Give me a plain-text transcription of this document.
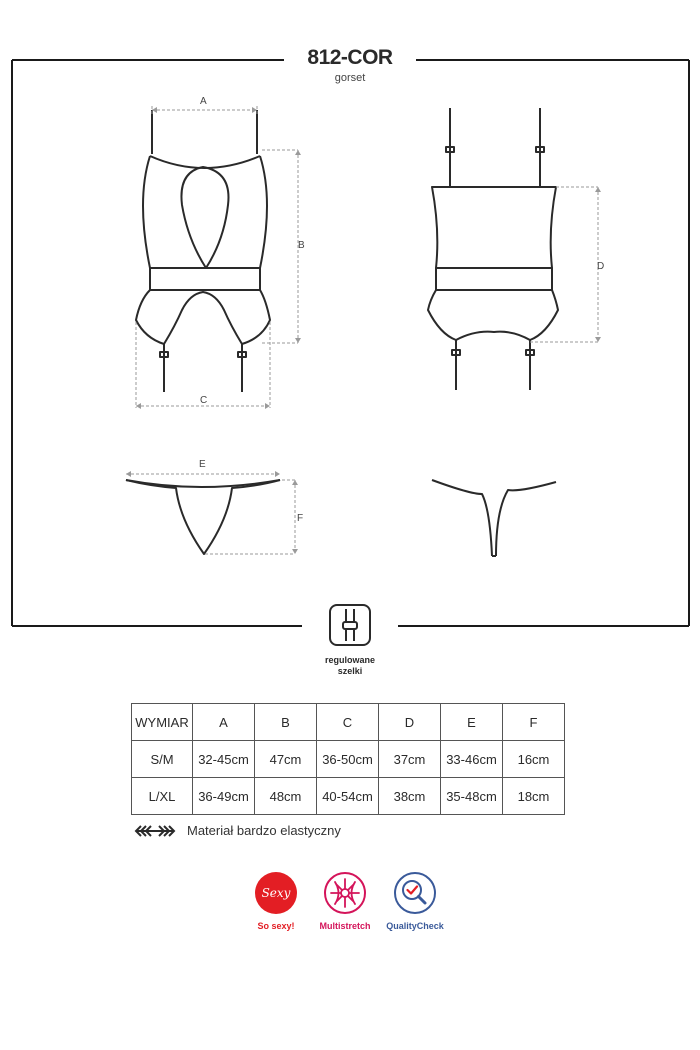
812-COR
gorset
A
B
C
D
E
F
regulowane
szelki
WYMIAR	A	B	C	D	E	F
S/M	32-45cm	47cm	36-50cm	37cm	33-46cm	16cm
L/XL	36-49cm	48cm	40-54cm	38cm	35-48cm	18cm
Materiał bardzo elastyczny
Sexy
So sexy!	Multistretch	QualityCheck
